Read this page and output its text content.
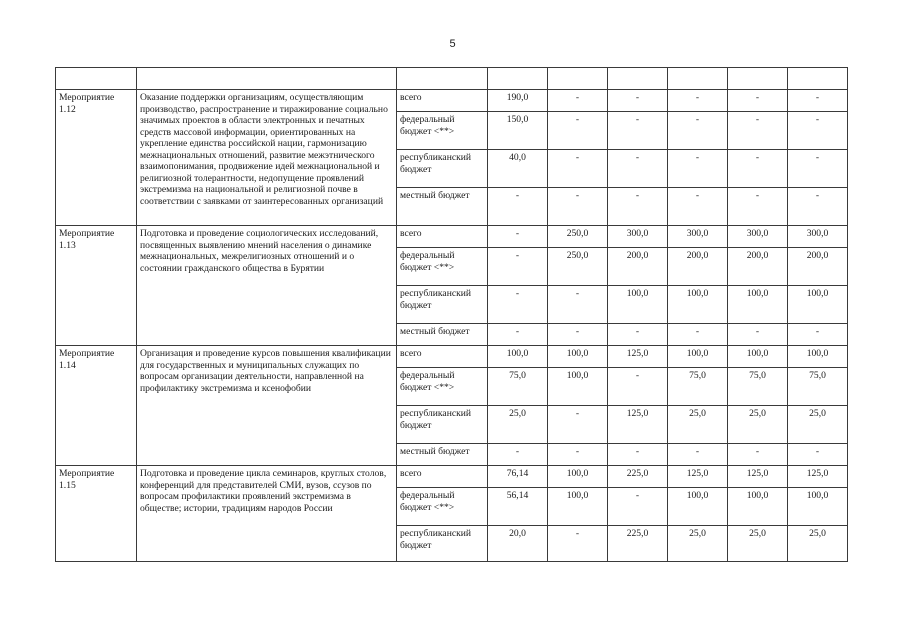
5

Мероприятие 1.12	Оказание поддержки организациям, осуществляющим производство, распространение и тиражирование социально значимых проектов в области электронных и печатных средств массовой информации, ориентированных на укрепление единства российской нации, гармонизацию межнациональных отношений, развитие межэтнического взаимопонимания, продвижение идей межнациональной и религиозной толерантности, недопущение проявлений экстремизма на национальной и религиозной почве в соответствии с заявками от заинтересованных организаций	всего	190,0	-	-	-	-	-
		федеральный бюджет <**>	150,0	-	-	-	-	-
		республиканский бюджет	40,0	-	-	-	-	-
		местный бюджет	-	-	-	-	-	-
Мероприятие 1.13	Подготовка и проведение социологических исследований, посвященных выявлению мнений населения о динамике межнациональных, межрелигиозных отношений и о состоянии гражданского общества в Бурятии	всего	-	250,0	300,0	300,0	300,0	300,0
		федеральный бюджет <**>	-	250,0	200,0	200,0	200,0	200,0
		республиканский бюджет	-	-	100,0	100,0	100,0	100,0
		местный бюджет	-	-	-	-	-	-
Мероприятие 1.14	Организация и проведение курсов повышения квалификации для государственных и муниципальных служащих по вопросам организации деятельности, направленной на профилактику экстремизма и ксенофобии	всего	100,0	100,0	125,0	100,0	100,0	100,0
		федеральный бюджет <**>	75,0	100,0	-	75,0	75,0	75,0
		республиканский бюджет	25,0	-	125,0	25,0	25,0	25,0
		местный бюджет	-	-	-	-	-	-
Мероприятие 1.15	Подготовка и проведение цикла семинаров, круглых столов, конференций для представителей СМИ, вузов, ссузов по вопросам профилактики проявлений экстремизма в обществе; истории, традициям народов России	всего	76,14	100,0	225,0	125,0	125,0	125,0
		федеральный бюджет <**>	56,14	100,0	-	100,0	100,0	100,0
		республиканский бюджет	20,0	-	225,0	25,0	25,0	25,0
